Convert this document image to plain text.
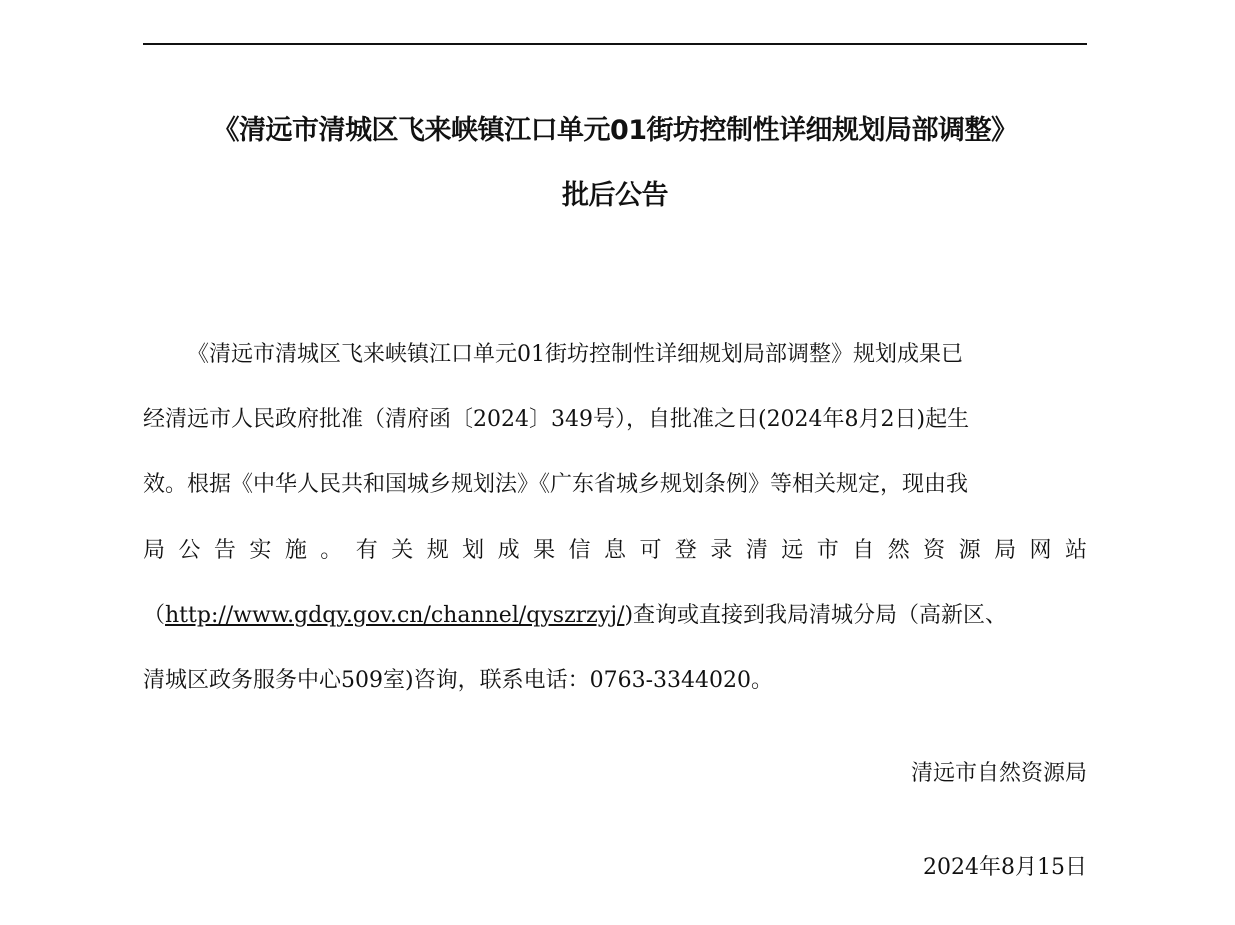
《清远市清城区飞来峡镇江口单元01街坊控制性详细规划局部调整》
批后公告
《清远市清城区飞来峡镇江口单元01街坊控制性详细规划局部调整》规划成果已
经清远市人民政府批准（清府函〔2024〕349号），自批准之日(2024年8月2日)起生
效。根据《中华人民共和国城乡规划法》《广东省城乡规划条例》等相关规定，现由我
局 公 告 实 施 。 有 关 规 划 成 果 信 息 可 登 录 清 远 市 自 然 资 源 局 网 站
（http://www.gdqy.gov.cn/channel/qyszrzyj/)查询或直接到我局清城分局（高新区、
清城区政务服务中心509室)咨询，联系电话：0763-3344020。
清远市自然资源局
2024年8月15日
